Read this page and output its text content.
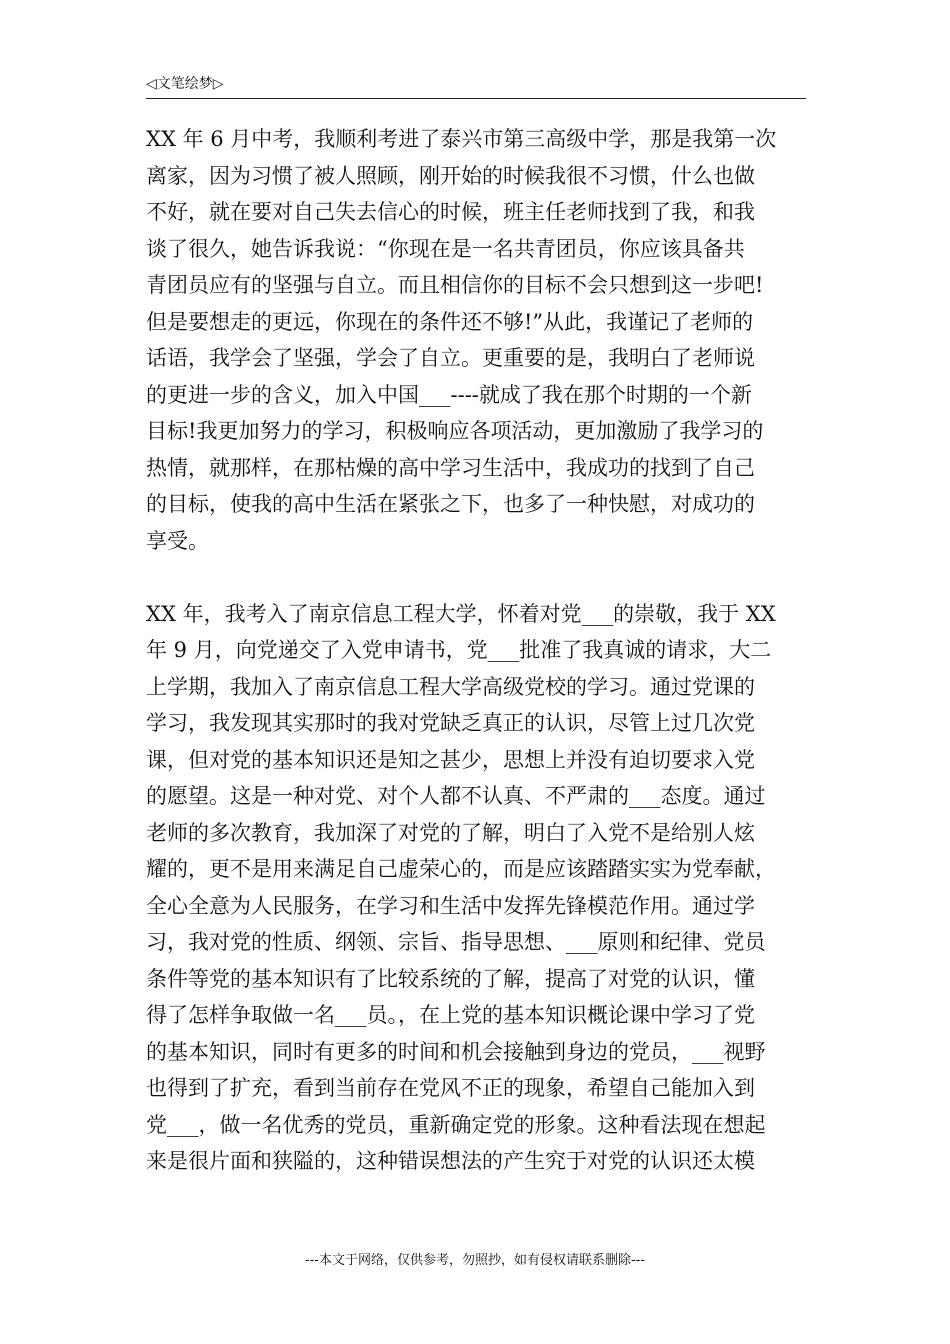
◁文笔绘梦▷
XX 年 6 月中考，我顺利考进了泰兴市第三高级中学，那是我第一次
离家，因为习惯了被人照顾，刚开始的时候我很不习惯，什么也做
不好，就在要对自己失去信心的时候，班主任老师找到了我，和我
谈了很久，她告诉我说：“你现在是一名共青团员，你应该具备共
青团员应有的坚强与自立。而且相信你的目标不会只想到这一步吧!
但是要想走的更远，你现在的条件还不够!”从此，我谨记了老师的
话语，我学会了坚强，学会了自立。更重要的是，我明白了老师说
的更进一步的含义，加入中国___----就成了我在那个时期的一个新
目标!我更加努力的学习，积极响应各项活动，更加激励了我学习的
热情，就那样，在那枯燥的高中学习生活中，我成功的找到了自己
的目标，使我的高中生活在紧张之下，也多了一种快慰，对成功的
享受。
XX 年，我考入了南京信息工程大学，怀着对党___的崇敬，我于 XX
年 9 月，向党递交了入党申请书，党___批准了我真诚的请求，大二
上学期，我加入了南京信息工程大学高级党校的学习。通过党课的
学习，我发现其实那时的我对党缺乏真正的认识，尽管上过几次党
课，但对党的基本知识还是知之甚少，思想上并没有迫切要求入党
的愿望。这是一种对党、对个人都不认真、不严肃的___态度。通过
老师的多次教育，我加深了对党的了解，明白了入党不是给别人炫
耀的，更不是用来满足自己虚荣心的，而是应该踏踏实实为党奉献，
全心全意为人民服务，在学习和生活中发挥先锋模范作用。通过学
习，我对党的性质、纲领、宗旨、指导思想、___原则和纪律、党员
条件等党的基本知识有了比较系统的了解，提高了对党的认识，懂
得了怎样争取做一名___员。，在上党的基本知识概论课中学习了党
的基本知识，同时有更多的时间和机会接触到身边的党员，___视野
也得到了扩充，看到当前存在党风不正的现象，希望自己能加入到
党___，做一名优秀的党员，重新确定党的形象。这种看法现在想起
来是很片面和狭隘的，这种错误想法的产生究于对党的认识还太模
---本文于网络，仅供参考，勿照抄，如有侵权请联系删除---
